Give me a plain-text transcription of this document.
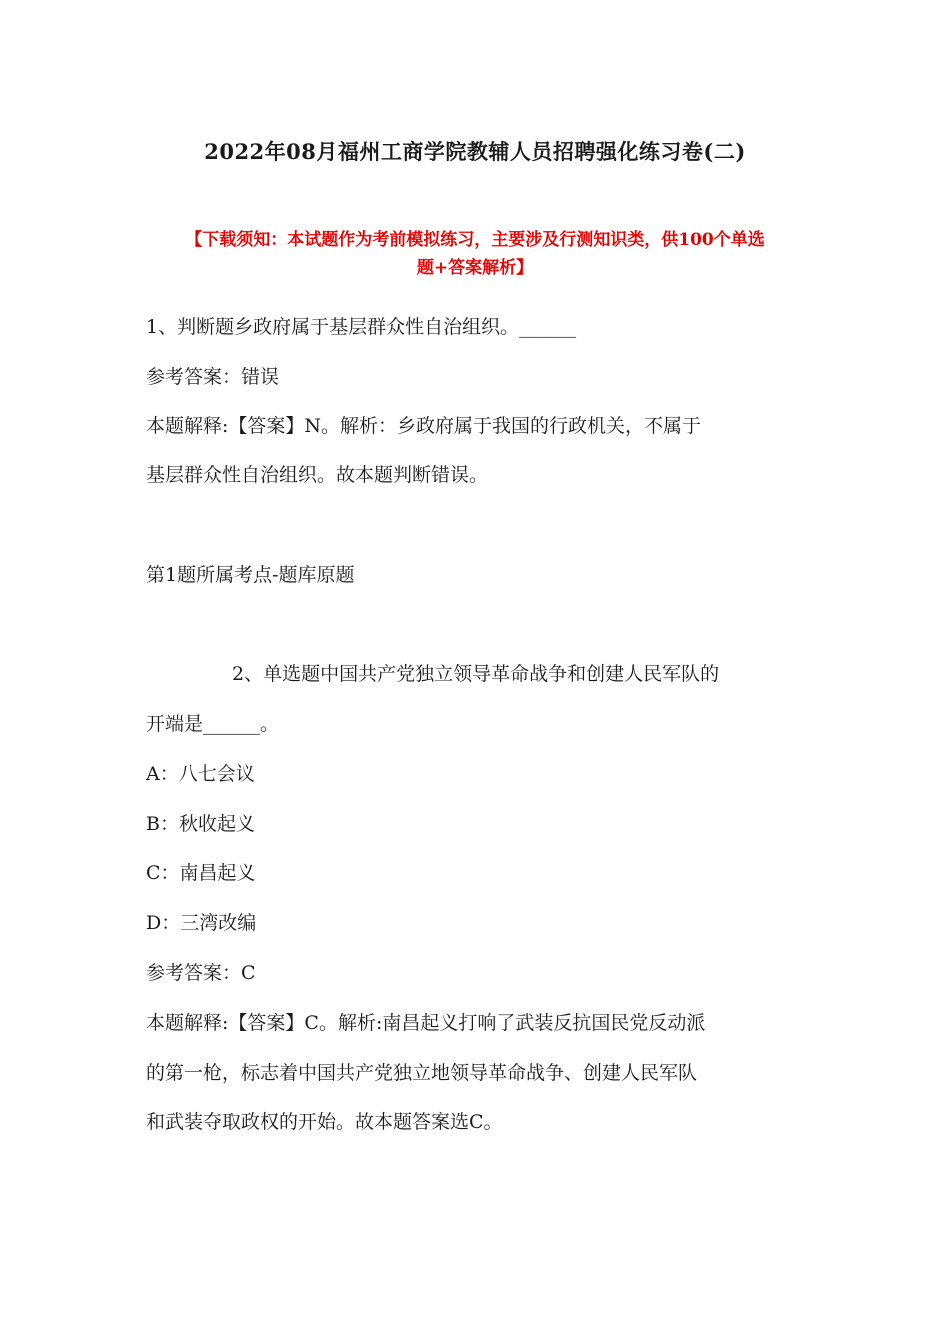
2022年08月福州工商学院教辅人员招聘强化练习卷(二)
【下载须知：本试题作为考前模拟练习，主要涉及行测知识类，供100个单选
题+答案解析】
1、判断题乡政府属于基层群众性自治组织。______
参考答案：错误
本题解释:【答案】N。解析：乡政府属于我国的行政机关，不属于
基层群众性自治组织。故本题判断错误。
第1题所属考点-题库原题
2、单选题中国共产党独立领导革命战争和创建人民军队的
开端是______。
A：八七会议
B：秋收起义
C：南昌起义
D：三湾改编
参考答案：C
本题解释:【答案】C。解析:南昌起义打响了武装反抗国民党反动派
的第一枪，标志着中国共产党独立地领导革命战争、创建人民军队
和武装夺取政权的开始。故本题答案选C。
